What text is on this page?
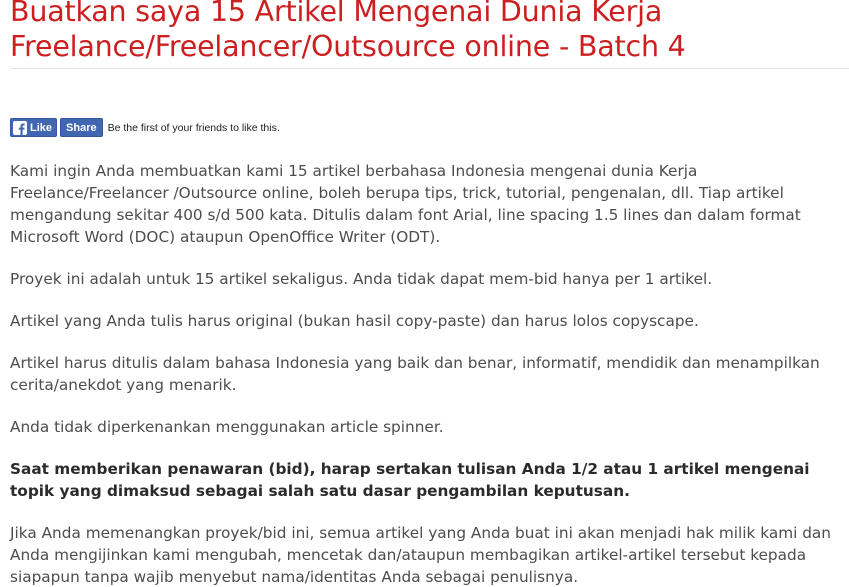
Buatkan saya 15 Artikel Mengenai Dunia Kerja Freelance/Freelancer/Outsource online - Batch 4
Like Share Be the first of your friends to like this.

Kami ingin Anda membuatkan kami 15 artikel berbahasa Indonesia mengenai dunia Kerja Freelance/Freelancer /Outsource online, boleh berupa tips, trick, tutorial, pengenalan, dll. Tiap artikel mengandung sekitar 400 s/d 500 kata. Ditulis dalam font Arial, line spacing 1.5 lines dan dalam format Microsoft Word (DOC) ataupun OpenOffice Writer (ODT).

Proyek ini adalah untuk 15 artikel sekaligus. Anda tidak dapat mem-bid hanya per 1 artikel.

Artikel yang Anda tulis harus original (bukan hasil copy-paste) dan harus lolos copyscape.

Artikel harus ditulis dalam bahasa Indonesia yang baik dan benar, informatif, mendidik dan menampilkan cerita/anekdot yang menarik.

Anda tidak diperkenankan menggunakan article spinner.

Saat memberikan penawaran (bid), harap sertakan tulisan Anda 1/2 atau 1 artikel mengenai topik yang dimaksud sebagai salah satu dasar pengambilan keputusan.

Jika Anda memenangkan proyek/bid ini, semua artikel yang Anda buat ini akan menjadi hak milik kami dan Anda mengijinkan kami mengubah, mencetak dan/ataupun membagikan artikel-artikel tersebut kepada siapapun tanpa wajib menyebut nama/identitas Anda sebagai penulisnya.
